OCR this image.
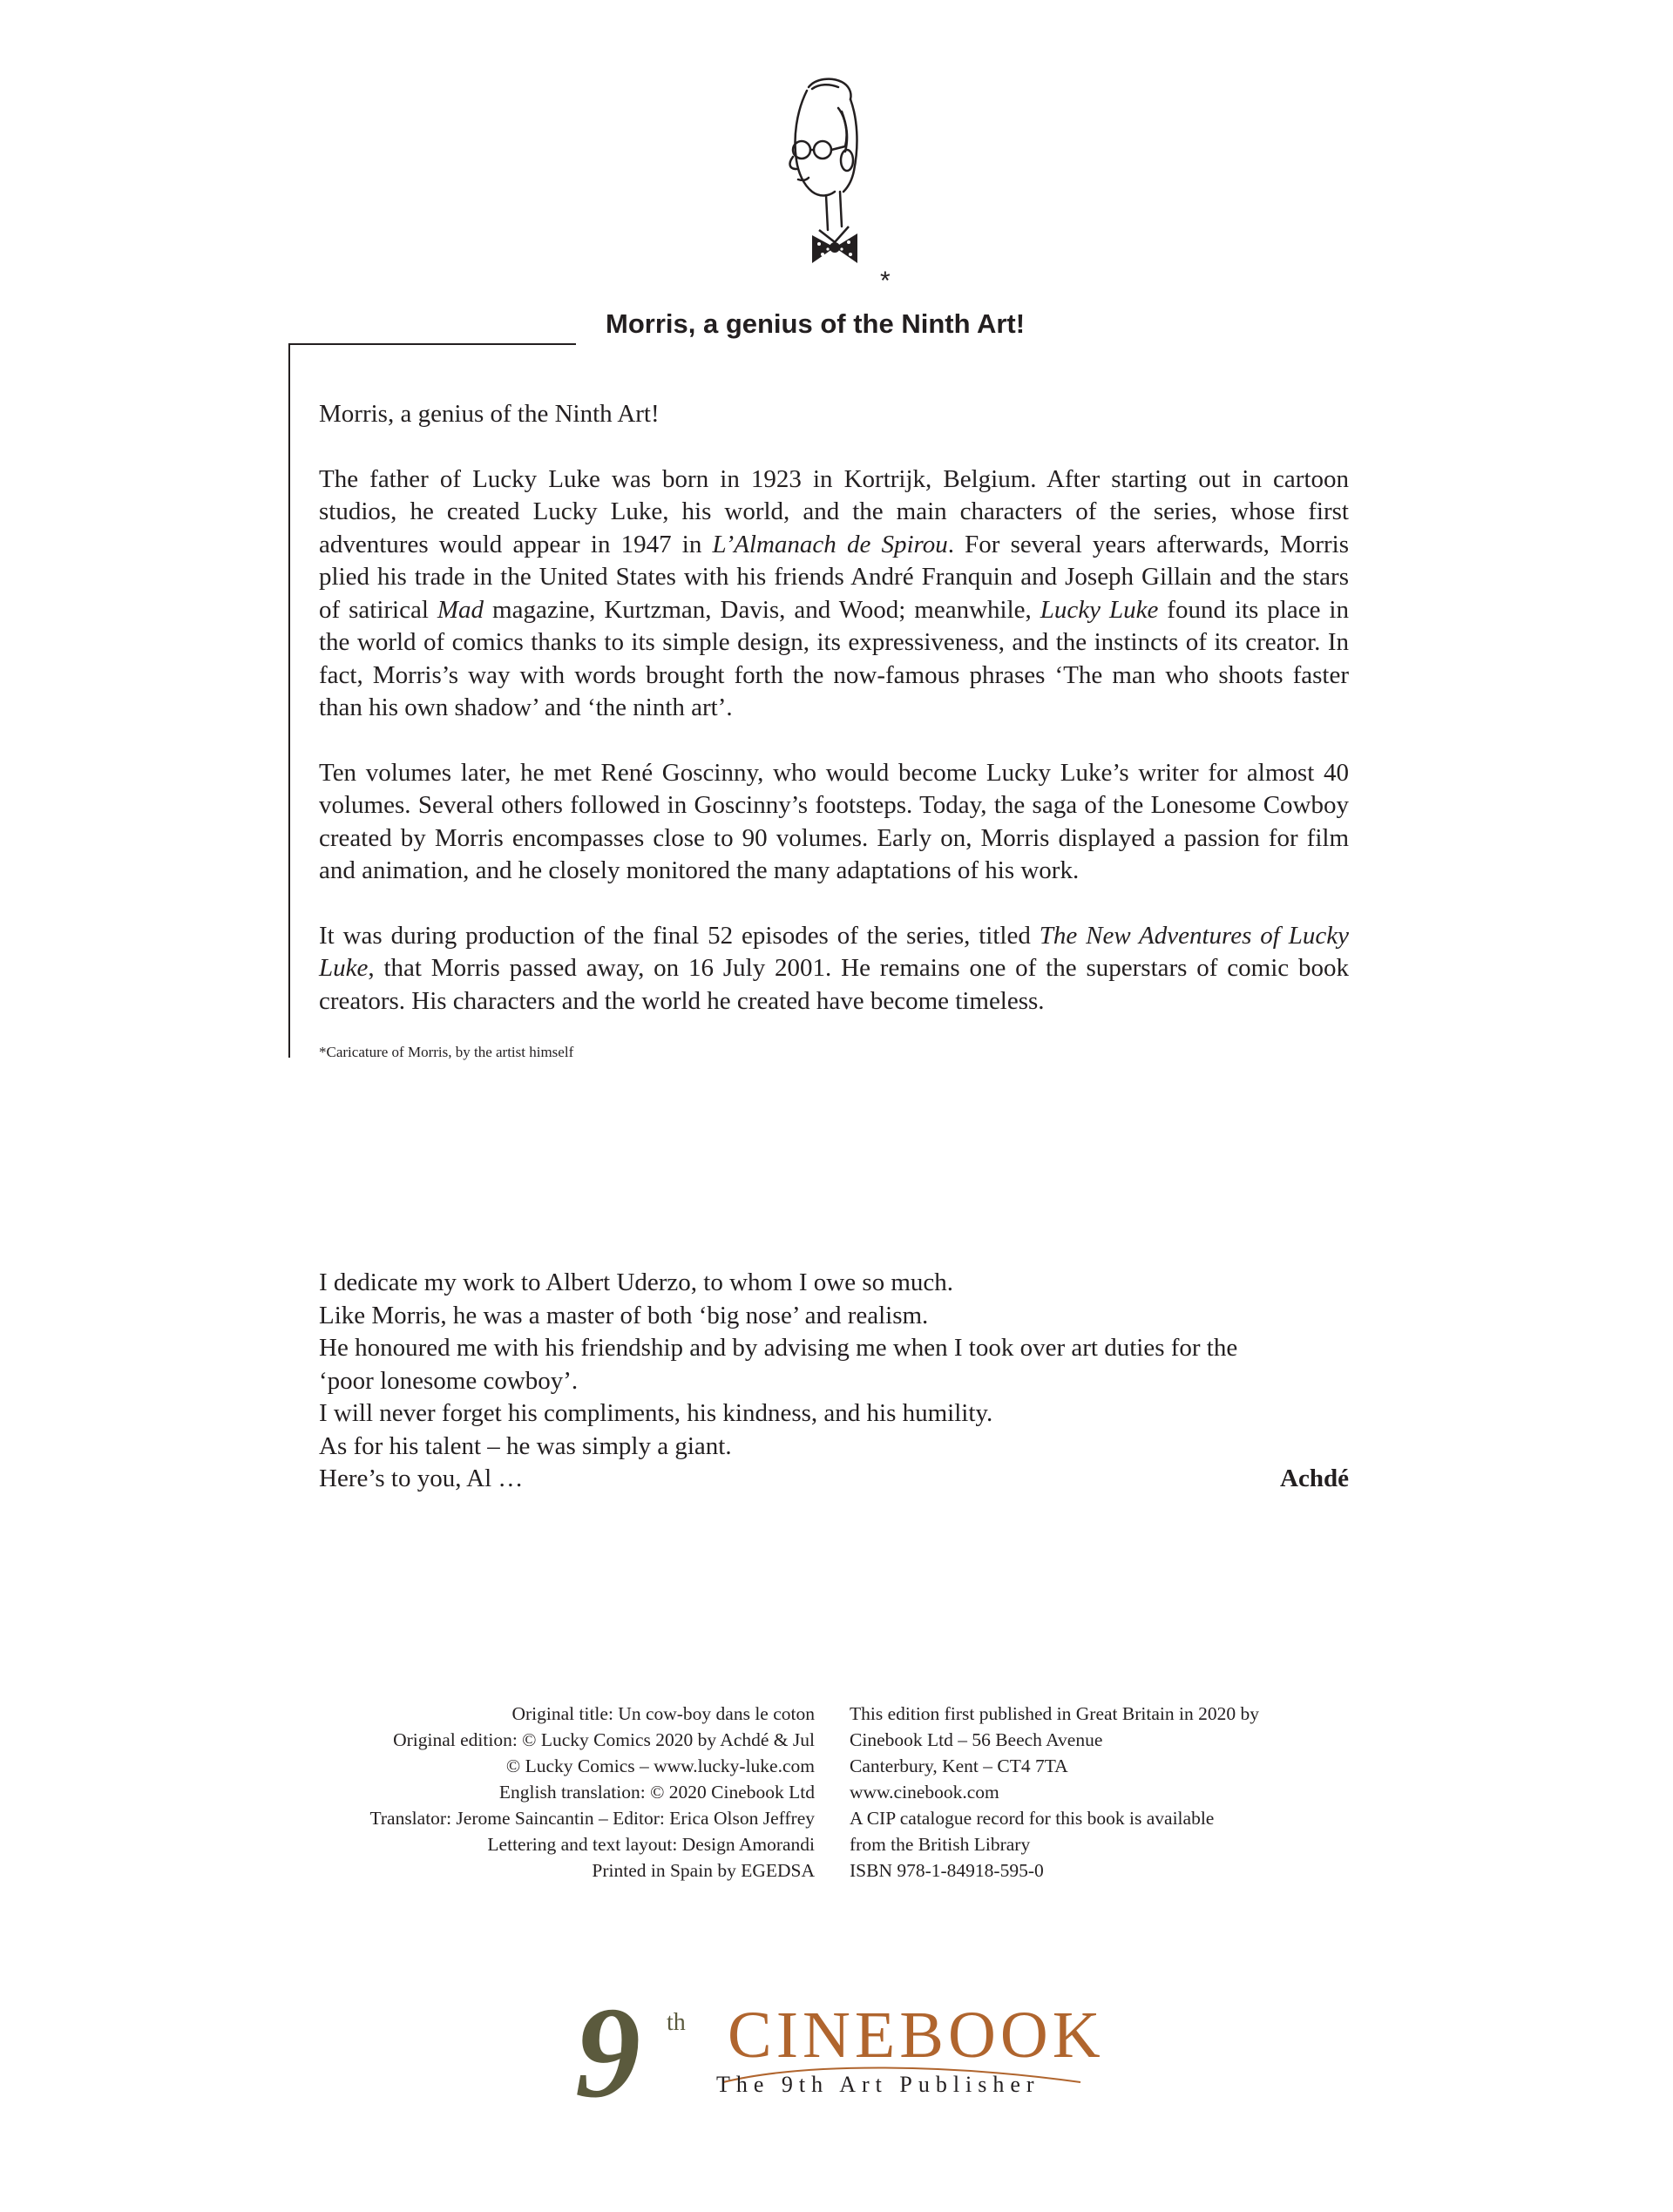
*
Morris, a genius of the Ninth Art!

Morris, a genius of the Ninth Art!

The father of Lucky Luke was born in 1923 in Kortrijk, Belgium. After starting out in cartoon studios, he created Lucky Luke, his world, and the main characters of the series, whose first adventures would appear in 1947 in L’Almanach de Spirou. For several years afterwards, Morris plied his trade in the United States with his friends André Franquin and Joseph Gillain and the stars of satirical Mad magazine, Kurtzman, Davis, and Wood; meanwhile, Lucky Luke found its place in the world of comics thanks to its simple design, its expressiveness, and the instincts of its creator. In fact, Morris’s way with words brought forth the now-famous phrases ‘The man who shoots faster than his own shadow’ and ‘the ninth art’.

Ten volumes later, he met René Goscinny, who would become Lucky Luke’s writer for almost 40 volumes. Several others followed in Goscinny’s footsteps. Today, the saga of the Lonesome Cowboy created by Morris encompasses close to 90 volumes. Early on, Morris displayed a passion for film and animation, and he closely monitored the many adaptations of his work.

It was during production of the final 52 episodes of the series, titled The New Adventures of Lucky Luke, that Morris passed away, on 16 July 2001. He remains one of the superstars of comic book creators. His characters and the world he created have become timeless.

*Caricature of Morris, by the artist himself
I dedicate my work to Albert Uderzo, to whom I owe so much.
Like Morris, he was a master of both ‘big nose’ and realism.
He honoured me with his friendship and by advising me when I took over art duties for the
‘poor lonesome cowboy’.
I will never forget his compliments, his kindness, and his humility.
As for his talent – he was simply a giant.
Here’s to you, Al …	Achdé
Original title: Un cow-boy dans le coton
Original edition: © Lucky Comics 2020 by Achdé & Jul
© Lucky Comics – www.lucky-luke.com
English translation: © 2020 Cinebook Ltd
Translator: Jerome Saincantin – Editor: Erica Olson Jeffrey
Lettering and text layout: Design Amorandi
Printed in Spain by EGEDSA
This edition first published in Great Britain in 2020 by
Cinebook Ltd – 56 Beech Avenue
Canterbury, Kent – CT4 7TA
www.cinebook.com
A CIP catalogue record for this book is available
from the British Library
ISBN 978-1-84918-595-0
9 th CINEBOOK
The 9th Art Publisher
